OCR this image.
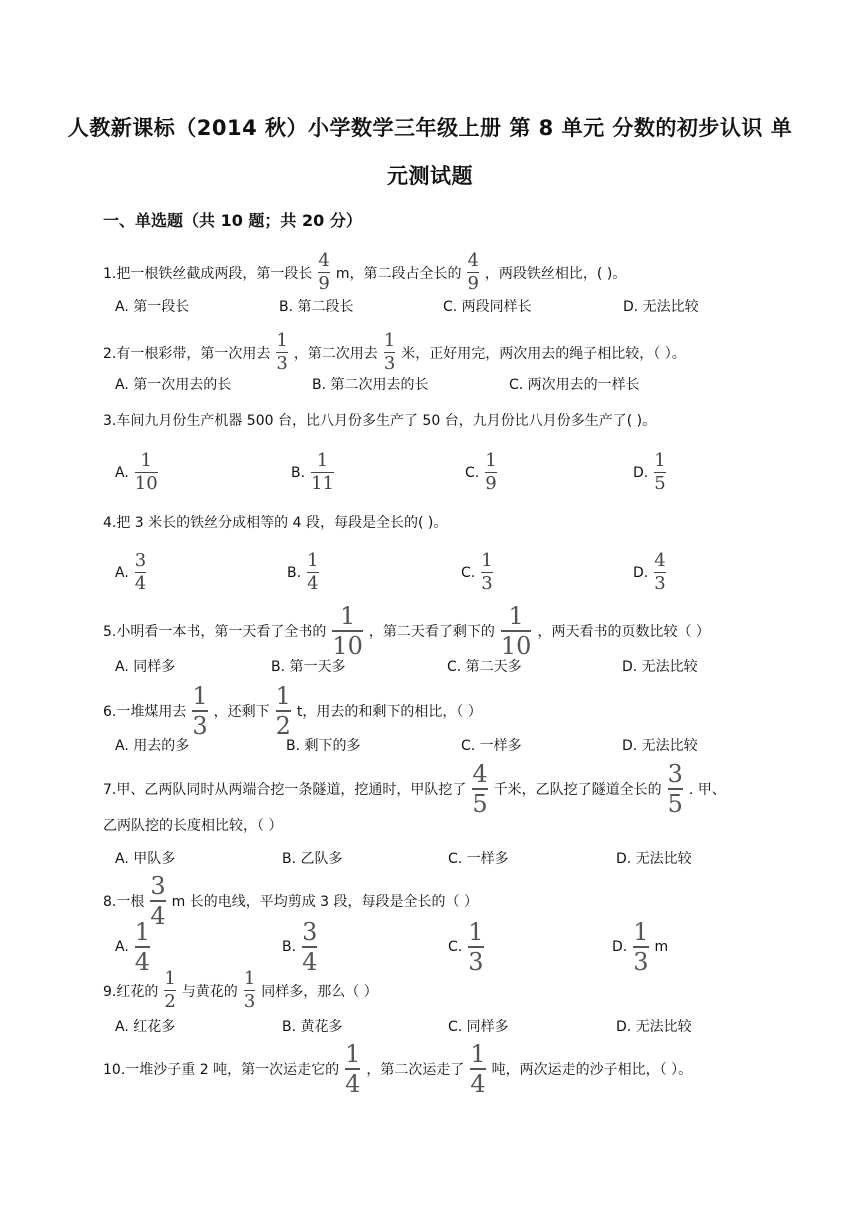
人教新课标（2014 秋）小学数学三年级上册 第 8 单元 分数的初步认识 单
元测试题
一、单选题（共 10 题；共 20 分）
1.把一根铁丝截成两段，第一段长 $\frac{4}{9}$ m，第二段占全长的 $\frac{4}{9}$ ，两段铁丝相比，( )。
A. 第一段长	B. 第二段长	C. 两段同样长	D. 无法比较
2.有一根彩带，第一次用去 $\frac{1}{3}$ ，第二次用去 $\frac{1}{3}$ 米，正好用完，两次用去的绳子相比较，（ ）。
A. 第一次用去的长	B. 第二次用去的长	C. 两次用去的一样长
3.车间九月份生产机器 500 台，比八月份多生产了 50 台，九月份比八月份多生产了( )。
A. $\frac{1}{10}$	B. $\frac{1}{11}$	C. $\frac{1}{9}$	D. $\frac{1}{5}$
4.把 3 米长的铁丝分成相等的 4 段，每段是全长的( )。
A. $\frac{3}{4}$	B. $\frac{1}{4}$	C. $\frac{1}{3}$	D. $\frac{4}{3}$
5.小明看一本书，第一天看了全书的 $\frac{1}{10}$ ，第二天看了剩下的 $\frac{1}{10}$ ，两天看书的页数比较（ ）
A. 同样多	B. 第一天多	C. 第二天多	D. 无法比较
6.一堆煤用去 $\frac{1}{3}$ ，还剩下 $\frac{1}{2}$ t，用去的和剩下的相比，（ ）
A. 用去的多	B. 剩下的多	C. 一样多	D. 无法比较
7.甲、乙两队同时从两端合挖一条隧道，挖通时，甲队挖了 $\frac{4}{5}$ 千米，乙队挖了隧道全长的 $\frac{3}{5}$ . 甲、
乙两队挖的长度相比较，（ ）
A. 甲队多	B. 乙队多	C. 一样多	D. 无法比较
8.一根 $\frac{3}{4}$ m 长的电线，平均剪成 3 段，每段是全长的（ ）
A. $\frac{1}{4}$	B. $\frac{3}{4}$	C. $\frac{1}{3}$	D. $\frac{1}{3}$ m
9.红花的 $\frac{1}{2}$ 与黄花的 $\frac{1}{3}$ 同样多，那么（ ）
A. 红花多	B. 黄花多	C. 同样多	D. 无法比较
10.一堆沙子重 2 吨，第一次运走它的 $\frac{1}{4}$ ，第二次运走了 $\frac{1}{4}$ 吨，两次运走的沙子相比，（ ）。
